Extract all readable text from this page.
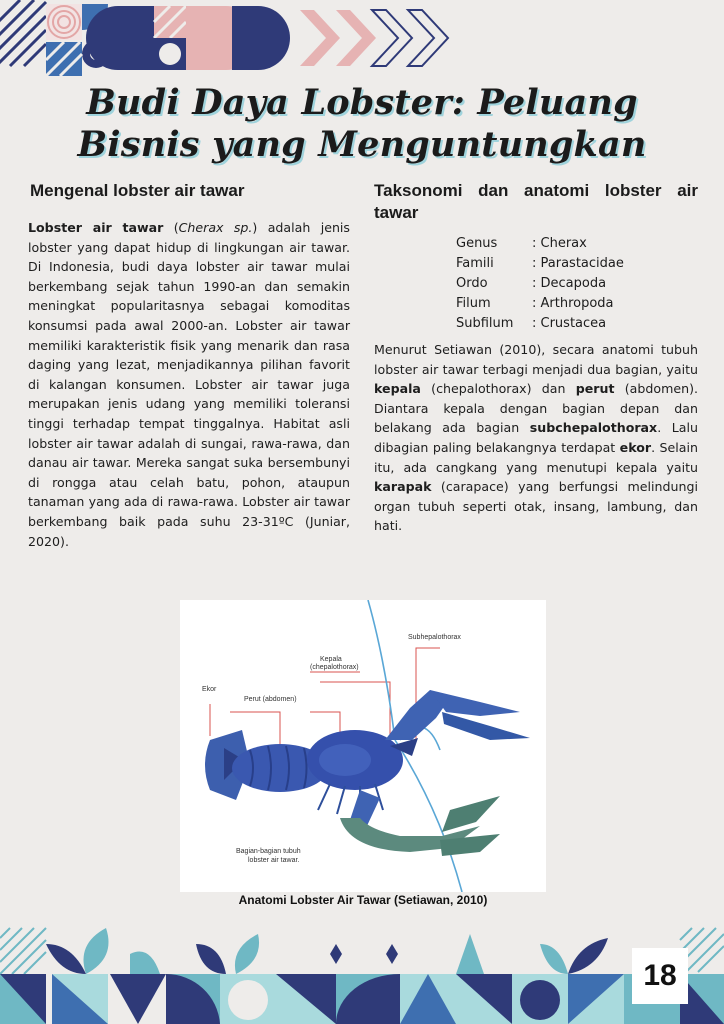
Budi Daya Lobster: Peluang Bisnis yang Menguntungkan
Mengenal lobster air tawar

Lobster air tawar (Cherax sp.) adalah jenis lobster yang dapat hidup di lingkungan air tawar. Di Indonesia, budi daya lobster air tawar mulai berkembang sejak tahun 1990-an dan semakin meningkat popularitasnya sebagai komoditas konsumsi pada awal 2000-an. Lobster air tawar memiliki karakteristik fisik yang menarik dan rasa daging yang lezat, menjadikannya pilihan favorit di kalangan konsumen. Lobster air tawar juga merupakan jenis udang yang memiliki toleransi tinggi terhadap tempat tinggalnya. Habitat asli lobster air tawar adalah di sungai, rawa-rawa, dan danau air tawar. Mereka sangat suka bersembunyi di rongga atau celah batu, pohon, ataupun tanaman yang ada di rawa-rawa. Lobster air tawar berkembang baik pada suhu 23-31ºC (Juniar, 2020).

Taksonomi dan anatomi lobster air tawar
Genus	: Cherax
Famili	: Parastacidae
Ordo	: Decapoda
Filum	: Arthropoda
Subfilum	: Crustacea

Menurut Setiawan (2010), secara anatomi tubuh lobster air tawar terbagi menjadi dua bagian, yaitu kepala (chepalothorax) dan perut (abdomen). Diantara kepala dengan bagian depan dan belakang ada bagian subchepalothorax. Lalu dibagian paling belakangnya terdapat ekor. Selain itu, ada cangkang yang menutupi kepala yaitu karapak (carapace) yang berfungsi melindungi organ tubuh seperti otak, insang, lambung, dan hati.

Subhepalothorax
Kepala
(chepalothorax)
Ekor
Perut (abdomen)
Bagian-bagian tubuh
lobster air tawar.
Anatomi Lobster Air Tawar (Setiawan, 2010)
18
